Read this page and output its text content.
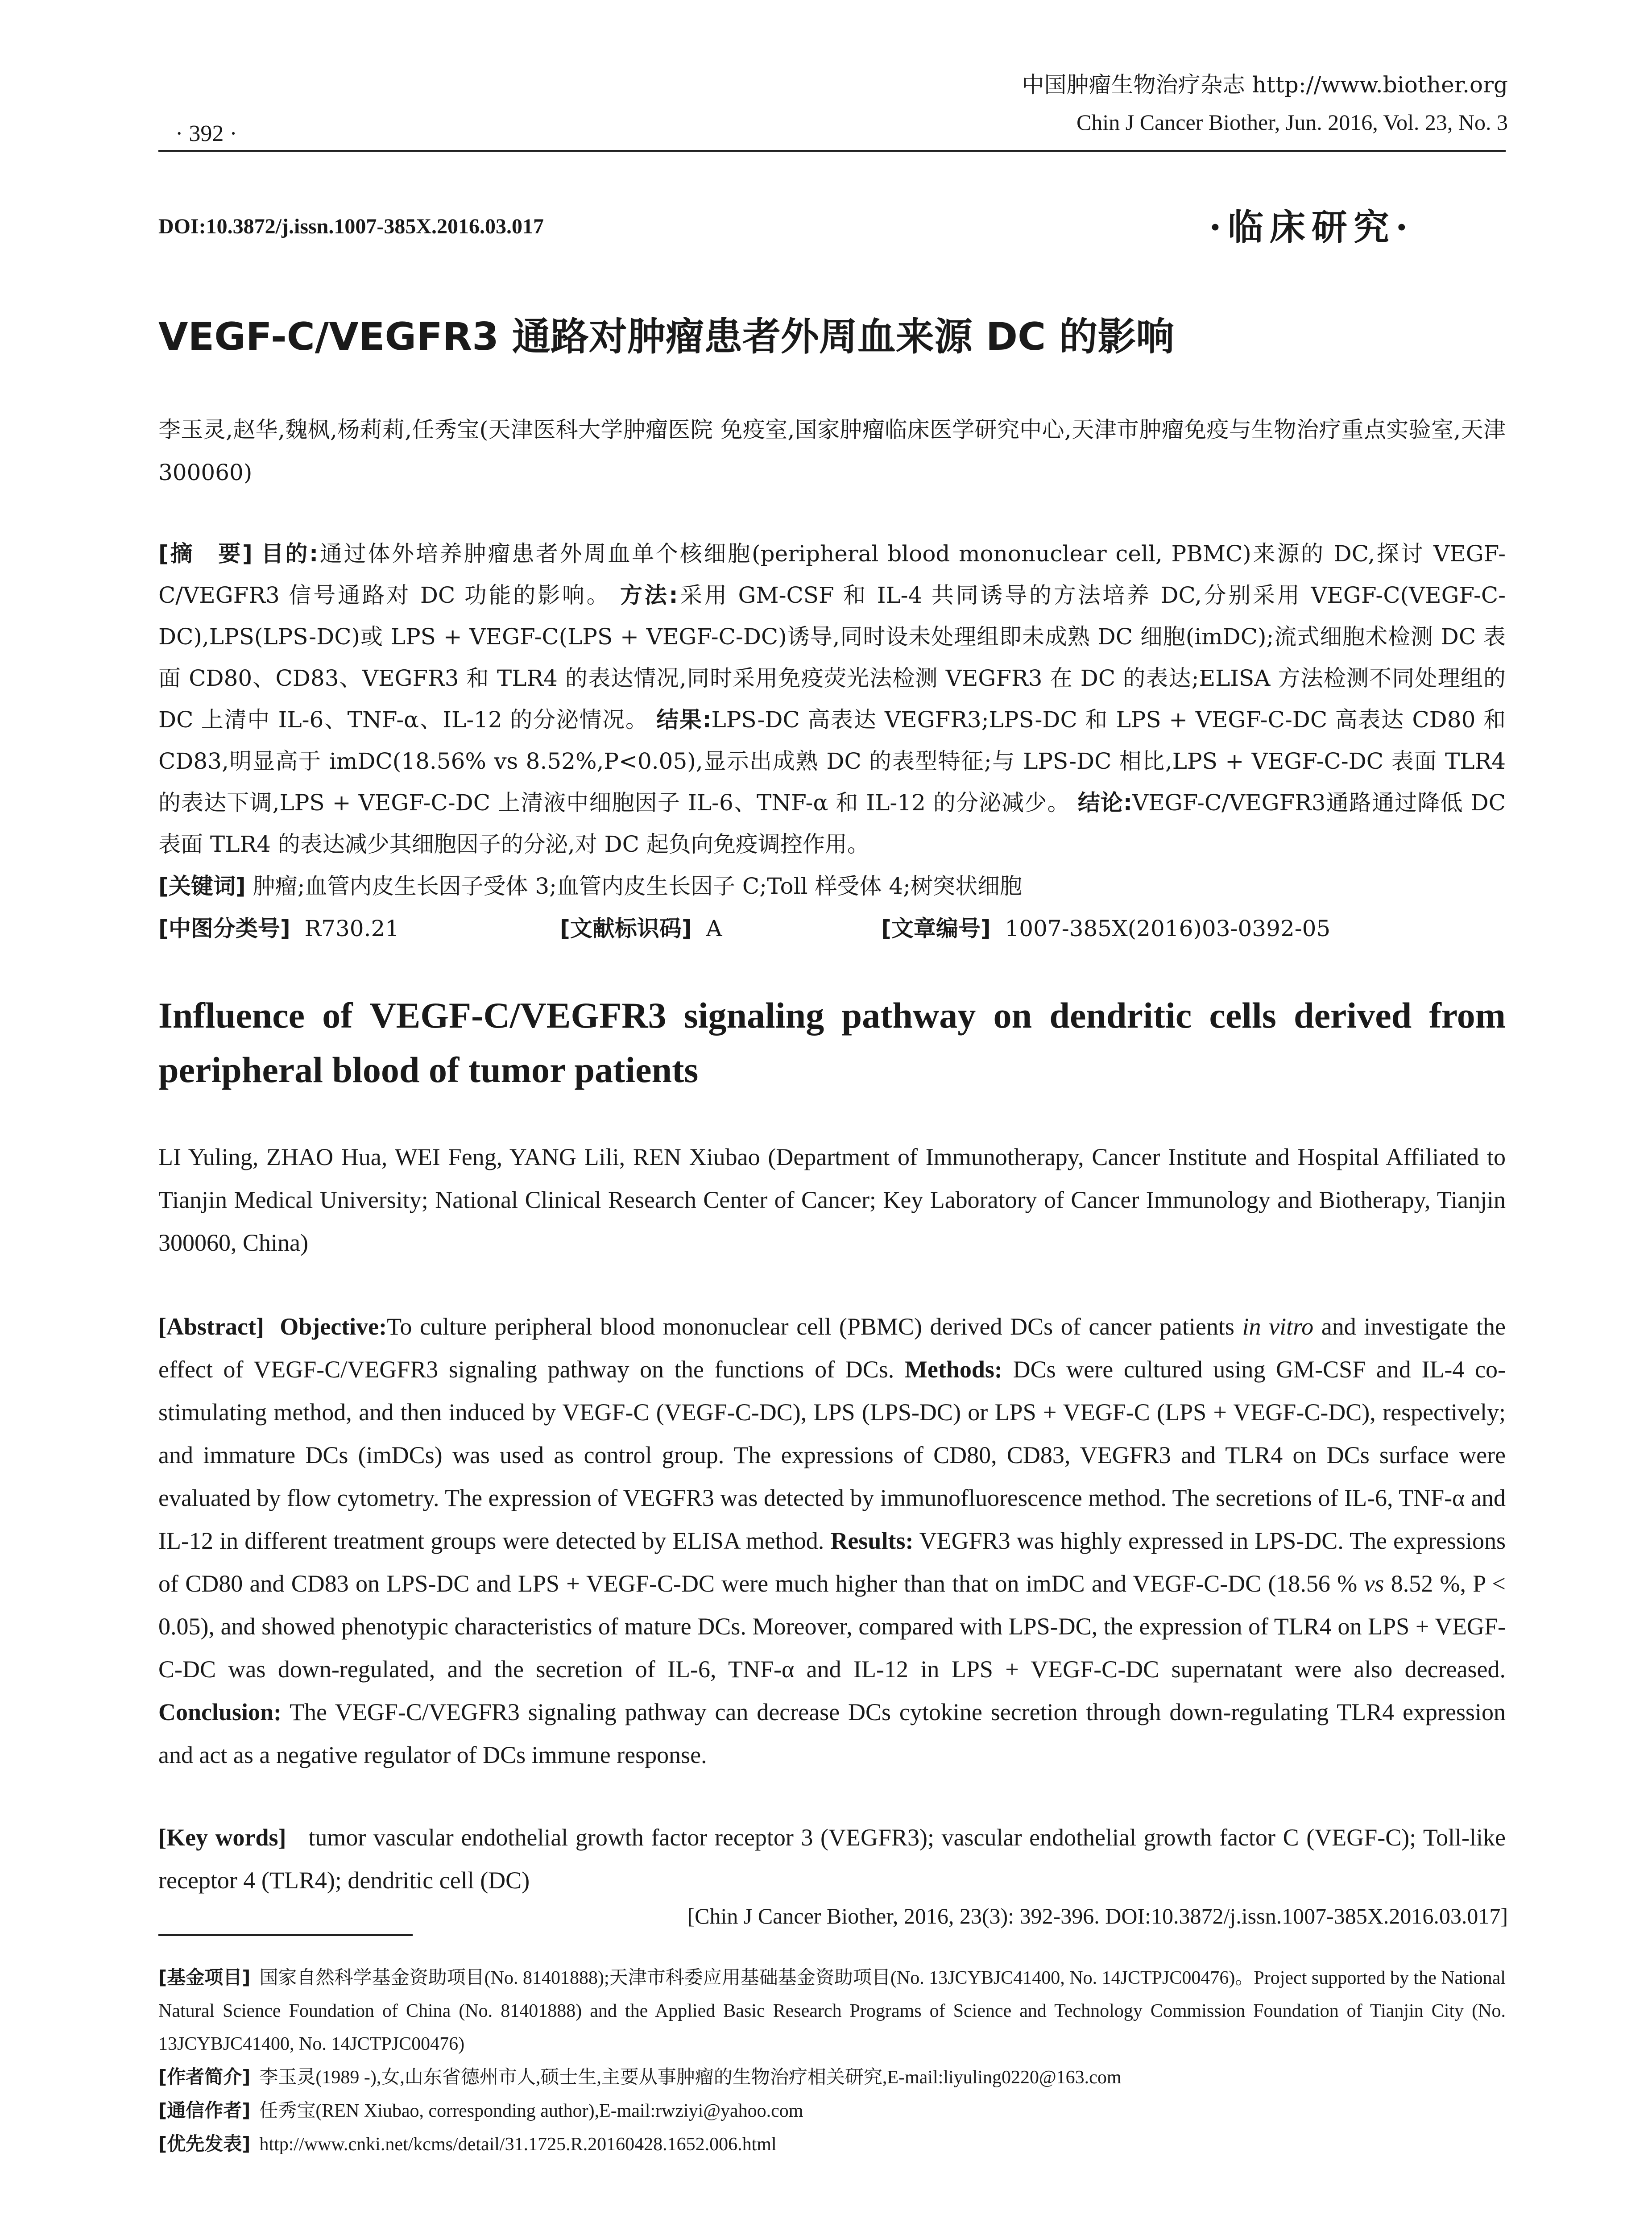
中国肿瘤生物治疗杂志 http://www.biother.org
Chin J Cancer Biother, Jun. 2016, Vol. 23, No. 3
· 392 ·
DOI:10.3872/j.issn.1007-385X.2016.03.017	·临床研究·
VEGF-C/VEGFR3 通路对肿瘤患者外周血来源 DC 的影响
李玉灵,赵华,魏枫,杨莉莉,任秀宝(天津医科大学肿瘤医院 免疫室,国家肿瘤临床医学研究中心,天津市肿瘤免疫与生物治疗重点实验室,天津 300060)
[摘　要] 目的:通过体外培养肿瘤患者外周血单个核细胞(peripheral blood mononuclear cell, PBMC)来源的 DC,探讨 VEGF-C/VEGFR3 信号通路对 DC 功能的影响。 方法:采用 GM-CSF 和 IL-4 共同诱导的方法培养 DC,分别采用 VEGF-C(VEGF-C-DC),LPS(LPS-DC)或 LPS + VEGF-C(LPS + VEGF-C-DC)诱导,同时设未处理组即未成熟 DC 细胞(imDC);流式细胞术检测 DC 表面 CD80、CD83、VEGFR3 和 TLR4 的表达情况,同时采用免疫荧光法检测 VEGFR3 在 DC 的表达;ELISA 方法检测不同处理组的 DC 上清中 IL-6、TNF-α、IL-12 的分泌情况。 结果:LPS-DC 高表达 VEGFR3;LPS-DC 和 LPS + VEGF-C-DC 高表达 CD80 和 CD83,明显高于 imDC(18.56% vs 8.52%,P<0.05),显示出成熟 DC 的表型特征;与 LPS-DC 相比,LPS + VEGF-C-DC 表面 TLR4 的表达下调,LPS + VEGF-C-DC 上清液中细胞因子 IL-6、TNF-α 和 IL-12 的分泌减少。 结论:VEGF-C/VEGFR3通路通过降低 DC 表面 TLR4 的表达减少其细胞因子的分泌,对 DC 起负向免疫调控作用。
[关键词] 肿瘤;血管内皮生长因子受体 3;血管内皮生长因子 C;Toll 样受体 4;树突状细胞
[中图分类号] R730.21	[文献标识码] A	[文章编号] 1007-385X(2016)03-0392-05
Influence of VEGF-C/VEGFR3 signaling pathway on dendritic cells derived from peripheral blood of tumor patients
LI Yuling, ZHAO Hua, WEI Feng, YANG Lili, REN Xiubao (Department of Immunotherapy, Cancer Institute and Hospital Affiliated to Tianjin Medical University; National Clinical Research Center of Cancer; Key Laboratory of Cancer Immunology and Biotherapy, Tianjin 300060, China)
[Abstract] Objective:To culture peripheral blood mononuclear cell (PBMC) derived DCs of cancer patients in vitro and investigate the effect of VEGF-C/VEGFR3 signaling pathway on the functions of DCs. Methods: DCs were cultured using GM-CSF and IL-4 co-stimulating method, and then induced by VEGF-C (VEGF-C-DC), LPS (LPS-DC) or LPS + VEGF-C (LPS + VEGF-C-DC), respectively; and immature DCs (imDCs) was used as control group. The expressions of CD80, CD83, VEGFR3 and TLR4 on DCs surface were evaluated by flow cytometry. The expression of VEGFR3 was detected by immunofluorescence method. The secretions of IL-6, TNF-α and IL-12 in different treatment groups were detected by ELISA method. Results: VEGFR3 was highly expressed in LPS-DC. The expressions of CD80 and CD83 on LPS-DC and LPS + VEGF-C-DC were much higher than that on imDC and VEGF-C-DC (18.56 % vs 8.52 %, P < 0.05), and showed phenotypic characteristics of mature DCs. Moreover, compared with LPS-DC, the expression of TLR4 on LPS + VEGF-C-DC was down-regulated, and the secretion of IL-6, TNF-α and IL-12 in LPS + VEGF-C-DC supernatant were also decreased. Conclusion: The VEGF-C/VEGFR3 signaling pathway can decrease DCs cytokine secretion through down-regulating TLR4 expression and act as a negative regulator of DCs immune response.
[Key words] tumor vascular endothelial growth factor receptor 3 (VEGFR3); vascular endothelial growth factor C (VEGF-C); Toll-like receptor 4 (TLR4); dendritic cell (DC)
[Chin J Cancer Biother, 2016, 23(3): 392-396. DOI:10.3872/j.issn.1007-385X.2016.03.017]
[基金项目] 国家自然科学基金资助项目(No. 81401888);天津市科委应用基础基金资助项目(No. 13JCYBJC41400, No. 14JCTPJC00476)。Project supported by the National Natural Science Foundation of China (No. 81401888) and the Applied Basic Research Programs of Science and Technology Commission Foundation of Tianjin City (No. 13JCYBJC41400, No. 14JCTPJC00476)
[作者简介] 李玉灵(1989 -),女,山东省德州市人,硕士生,主要从事肿瘤的生物治疗相关研究,E-mail:liyuling0220@163.com
[通信作者] 任秀宝(REN Xiubao, corresponding author),E-mail:rwziyi@yahoo.com
[优先发表] http://www.cnki.net/kcms/detail/31.1725.R.20160428.1652.006.html
